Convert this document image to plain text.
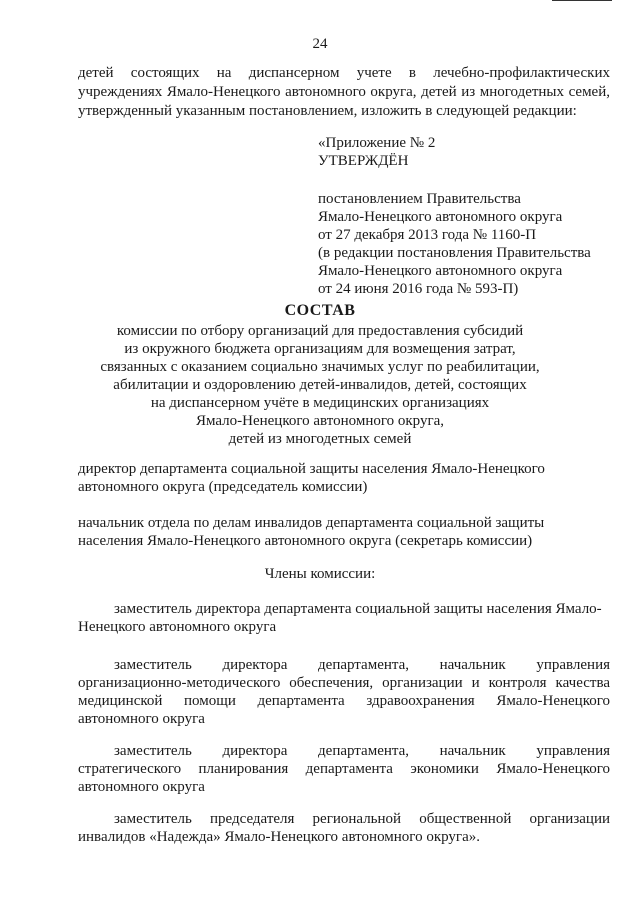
24
детей состоящих на диспансерном учете в лечебно-профилактических
учреждениях Ямало-Ненецкого автономного округа, детей из многодетных семей,
утвержденный указанным постановлением, изложить в следующей редакции:
«Приложение № 2
УТВЕРЖДЁН
постановлением Правительства
Ямало-Ненецкого автономного округа
от 27 декабря 2013 года № 1160-П
(в редакции постановления Правительства
Ямало-Ненецкого автономного округа
от 24 июня 2016 года № 593-П)
СОСТАВ
комиссии по отбору организаций для предоставления субсидий
из окружного бюджета организациям для возмещения затрат,
связанных с оказанием социально значимых услуг по реабилитации,
абилитации и оздоровлению детей-инвалидов, детей, состоящих
на диспансерном учёте в медицинских организациях
Ямало-Ненецкого автономного округа,
детей из многодетных семей
директор департамента социальной защиты населения Ямало-Ненецкого
автономного округа (председатель комиссии)
начальник отдела по делам инвалидов департамента социальной защиты
населения Ямало-Ненецкого автономного округа (секретарь комиссии)
Члены комиссии:
заместитель директора департамента социальной защиты населения Ямало-
Ненецкого автономного округа
заместитель директора департамента, начальник управления
организационно-методического обеспечения, организации и контроля качества
медицинской помощи департамента здравоохранения Ямало-Ненецкого
автономного округа
заместитель директора департамента, начальник управления
стратегического планирования департамента экономики Ямало-Ненецкого
автономного округа
заместитель председателя региональной общественной организации
инвалидов «Надежда» Ямало-Ненецкого автономного округа».
